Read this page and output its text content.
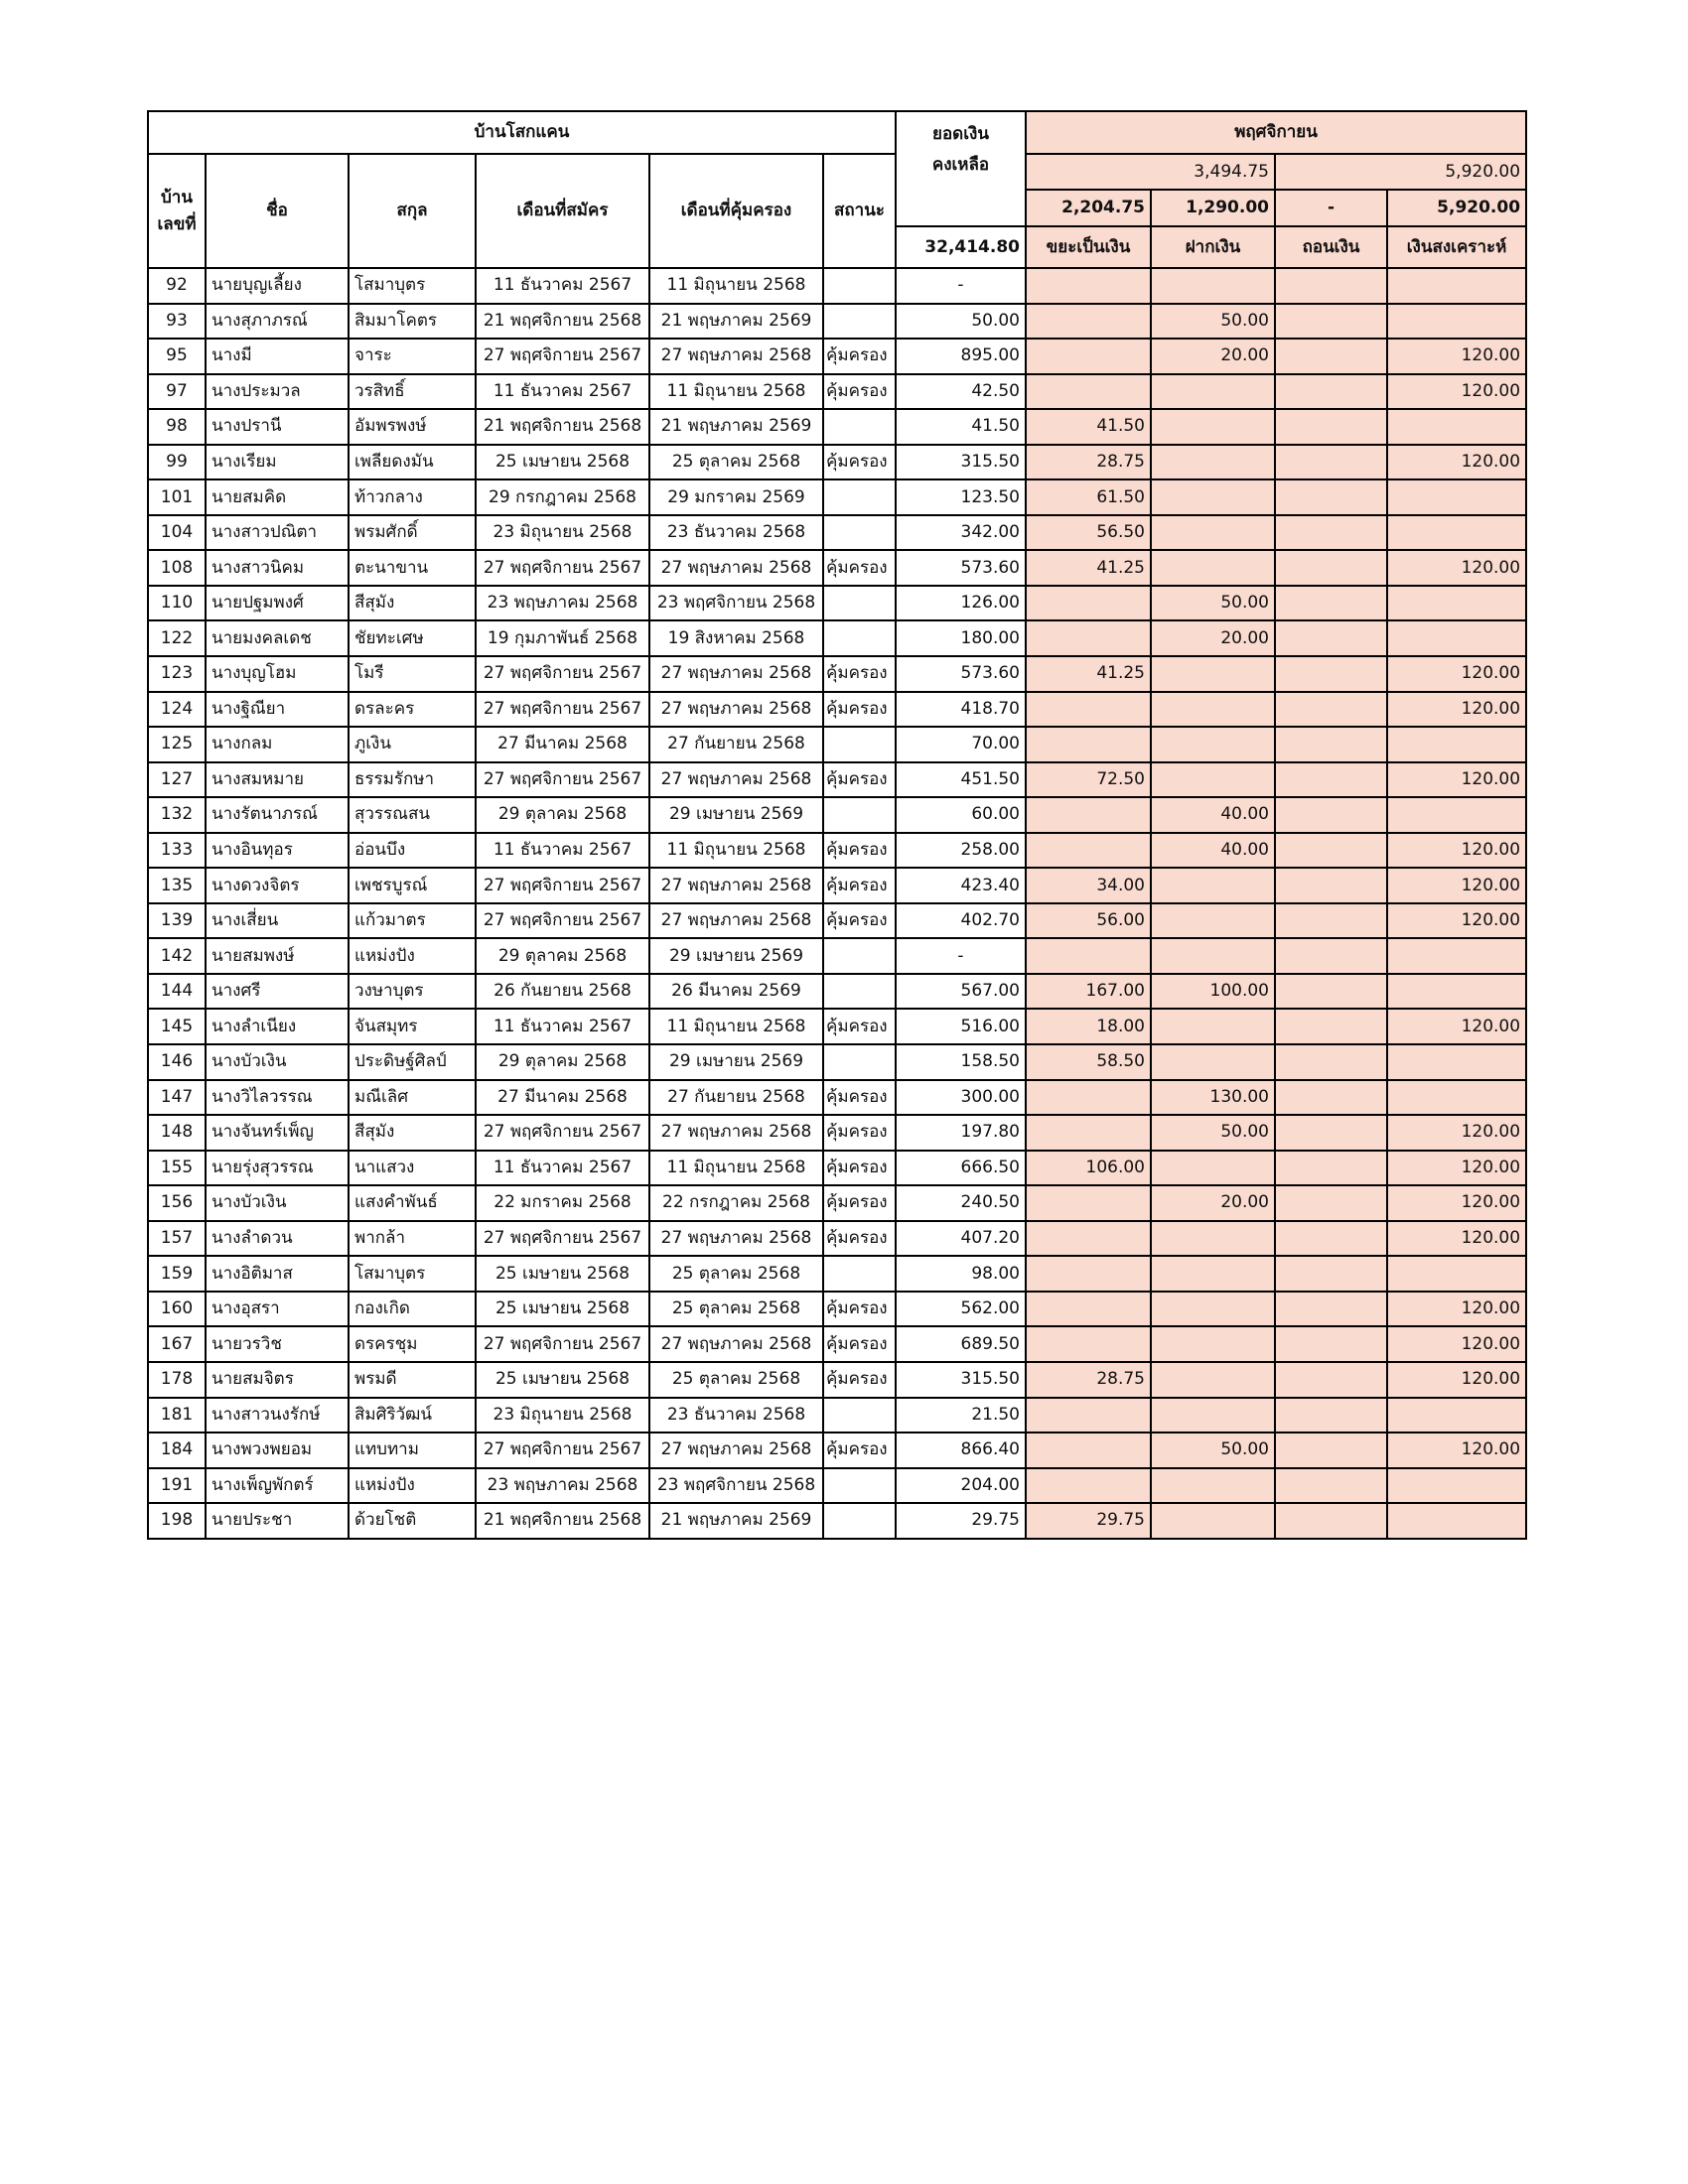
บ้านโสกแคน						ยอดเงิน
คงเหลือ	พฤศจิกายน			

บ้าน
เลขที่	ชื่อ	สกุล	เดือนที่สมัคร	เดือนที่คุ้มครอง	สถานะ		3,494.75		5,920.00	
							2,204.75	1,290.00	-	5,920.00
						32,414.80	ขยะเป็นเงิน	ฝากเงิน	ถอนเงิน	เงินสงเคราะห์
92	นายบุญเลี้ยง	โสมาบุตร	11 ธันวาคม 2567	11 มิถุนายน 2568		-				
93	นางสุภาภรณ์	สิมมาโคตร	21 พฤศจิกายน 2568	21 พฤษภาคม 2569		50.00		50.00		
95	นางมี	จาระ	27 พฤศจิกายน 2567	27 พฤษภาคม 2568	คุ้มครอง	895.00		20.00		120.00
97	นางประมวล	วรสิทธิ์	11 ธันวาคม 2567	11 มิถุนายน 2568	คุ้มครอง	42.50				120.00
98	นางปรานี	อัมพรพงษ์	21 พฤศจิกายน 2568	21 พฤษภาคม 2569		41.50	41.50			
99	นางเรียม	เพลียดงมัน	25 เมษายน 2568	25 ตุลาคม 2568	คุ้มครอง	315.50	28.75			120.00
101	นายสมคิด	ท้าวกลาง	29 กรกฎาคม 2568	29 มกราคม 2569		123.50	61.50			
104	นางสาวปณิตา	พรมศักดิ์	23 มิถุนายน 2568	23 ธันวาคม 2568		342.00	56.50			
108	นางสาวนิคม	ตะนาขาน	27 พฤศจิกายน 2567	27 พฤษภาคม 2568	คุ้มครอง	573.60	41.25			120.00
110	นายปฐมพงศ์	สีสุมัง	23 พฤษภาคม 2568	23 พฤศจิกายน 2568		126.00		50.00		
122	นายมงคลเดช	ชัยทะเศษ	19 กุมภาพันธ์ 2568	19 สิงหาคม 2568		180.00		20.00		
123	นางบุญโฮม	โมรี	27 พฤศจิกายน 2567	27 พฤษภาคม 2568	คุ้มครอง	573.60	41.25			120.00
124	นางฐิณียา	ดรละคร	27 พฤศจิกายน 2567	27 พฤษภาคม 2568	คุ้มครอง	418.70				120.00
125	นางกลม	ภูเงิน	27 มีนาคม 2568	27 กันยายน 2568		70.00				
127	นางสมหมาย	ธรรมรักษา	27 พฤศจิกายน 2567	27 พฤษภาคม 2568	คุ้มครอง	451.50	72.50			120.00
132	นางรัตนาภรณ์	สุวรรณสน	29 ตุลาคม 2568	29 เมษายน 2569		60.00		40.00		
133	นางอินทุอร	อ่อนบึง	11 ธันวาคม 2567	11 มิถุนายน 2568	คุ้มครอง	258.00		40.00		120.00
135	นางดวงจิตร	เพชรบูรณ์	27 พฤศจิกายน 2567	27 พฤษภาคม 2568	คุ้มครอง	423.40	34.00			120.00
139	นางเสี่ยน	แก้วมาตร	27 พฤศจิกายน 2567	27 พฤษภาคม 2568	คุ้มครอง	402.70	56.00			120.00
142	นายสมพงษ์	แหม่งปัง	29 ตุลาคม 2568	29 เมษายน 2569		-				
144	นางศรี	วงษาบุตร	26 กันยายน 2568	26 มีนาคม 2569		567.00	167.00	100.00		
145	นางลำเนียง	จันสมุทร	11 ธันวาคม 2567	11 มิถุนายน 2568	คุ้มครอง	516.00	18.00			120.00
146	นางบัวเงิน	ประดิษฐ์ศิลป์	29 ตุลาคม 2568	29 เมษายน 2569		158.50	58.50			
147	นางวิไลวรรณ	มณีเลิศ	27 มีนาคม 2568	27 กันยายน 2568	คุ้มครอง	300.00		130.00		
148	นางจันทร์เพ็ญ	สีสุมัง	27 พฤศจิกายน 2567	27 พฤษภาคม 2568	คุ้มครอง	197.80		50.00		120.00
155	นายรุ่งสุวรรณ	นาแสวง	11 ธันวาคม 2567	11 มิถุนายน 2568	คุ้มครอง	666.50	106.00			120.00
156	นางบัวเงิน	แสงคำพันธ์	22 มกราคม 2568	22 กรกฎาคม 2568	คุ้มครอง	240.50		20.00		120.00
157	นางลำดวน	พากล้า	27 พฤศจิกายน 2567	27 พฤษภาคม 2568	คุ้มครอง	407.20				120.00
159	นางอิติมาส	โสมาบุตร	25 เมษายน 2568	25 ตุลาคม 2568		98.00				
160	นางอุสรา	กองเกิด	25 เมษายน 2568	25 ตุลาคม 2568	คุ้มครอง	562.00				120.00
167	นายวรวิช	ดรครชุม	27 พฤศจิกายน 2567	27 พฤษภาคม 2568	คุ้มครอง	689.50				120.00
178	นายสมจิตร	พรมดี	25 เมษายน 2568	25 ตุลาคม 2568	คุ้มครอง	315.50	28.75			120.00
181	นางสาวนงรักษ์	สิมศิริวัฒน์	23 มิถุนายน 2568	23 ธันวาคม 2568		21.50				
184	นางพวงพยอม	แทบทาม	27 พฤศจิกายน 2567	27 พฤษภาคม 2568	คุ้มครอง	866.40		50.00		120.00
191	นางเพ็ญพักตร์	แหม่งปัง	23 พฤษภาคม 2568	23 พฤศจิกายน 2568		204.00				
198	นายประชา	ด้วยโชติ	21 พฤศจิกายน 2568	21 พฤษภาคม 2569		29.75	29.75			
